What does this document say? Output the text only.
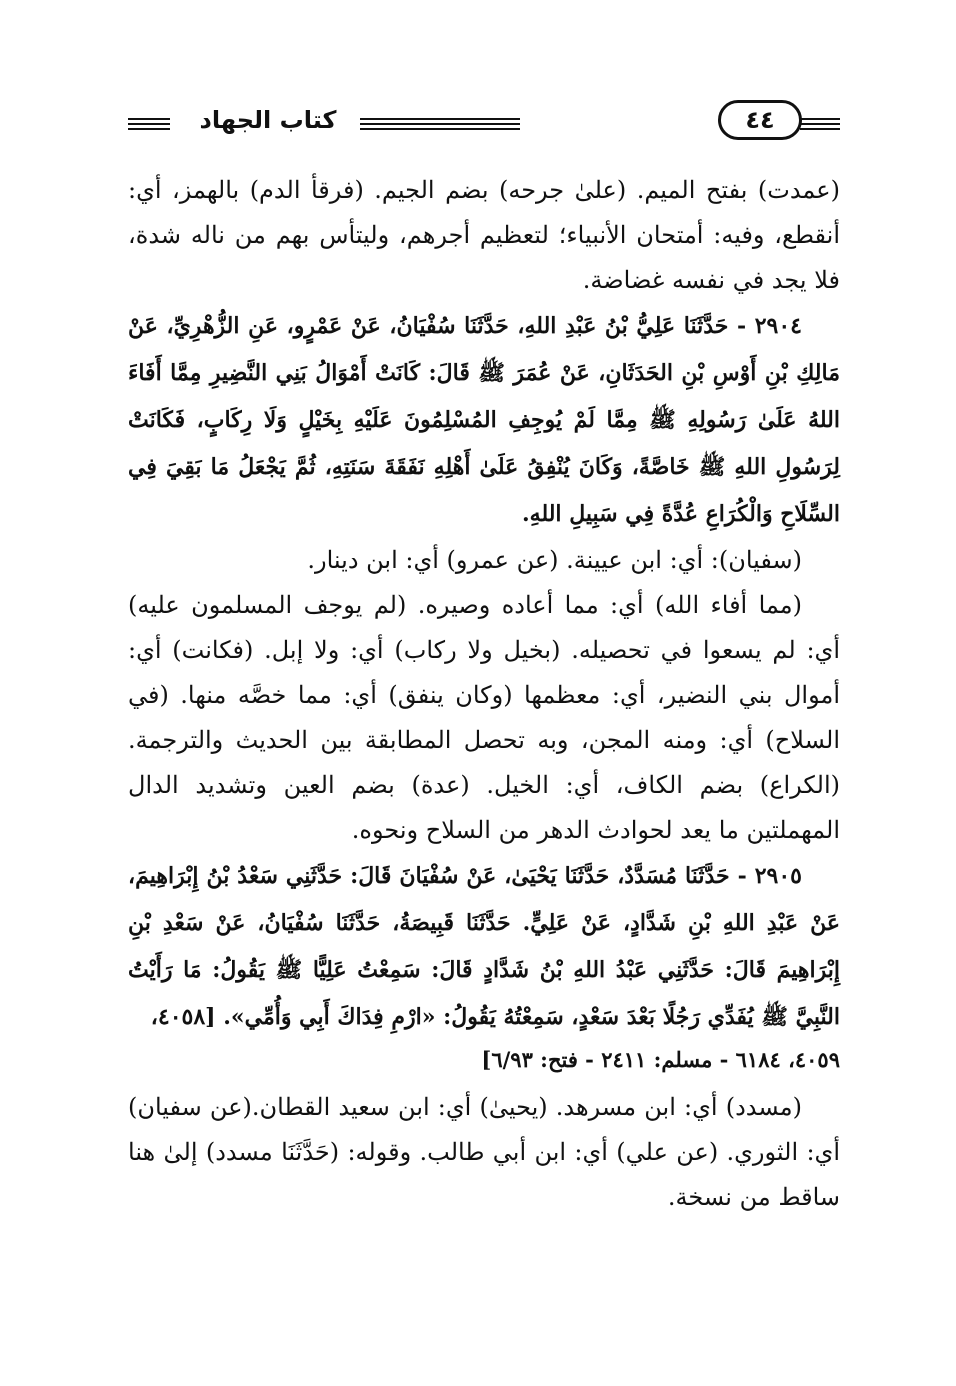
كتاب الجهاد	٤٤

(عمدت) بفتح الميم. (علىٰ جرحه) بضم الجيم. (فرقأ الدم) بالهمز، أي: أنقطع، وفيه: أمتحان الأنبياء؛ لتعظيم أجرهم، وليتأس بهم من ناله شدة، فلا يجد في نفسه غضاضة.

٢٩٠٤ - حَدَّثَنَا عَلِيُّ بْنُ عَبْدِ اللهِ، حَدَّثَنَا سُفْيَانُ، عَنْ عَمْرٍو، عَنِ الزُّهْرِيِّ، عَنْ مَالِكِ بْنِ أَوْسِ بْنِ الحَدَثَانِ، عَنْ عُمَرَ ﷺ قَالَ: كَانَتْ أَمْوَالُ بَنِي النَّضِيرِ مِمَّا أَفَاءَ اللهُ عَلَىٰ رَسُولِهِ ﷺ مِمَّا لَمْ يُوجِفِ المُسْلِمُونَ عَلَيْهِ بِخَيْلٍ وَلَا رِكَابٍ، فَكَانَتْ لِرَسُولِ اللهِ ﷺ خَاصَّةً، وَكَانَ يُنْفِقُ عَلَىٰ أَهْلِهِ نَفَقَةَ سَنَتِهِ، ثُمَّ يَجْعَلُ مَا بَقِيَ فِي السِّلَاحِ وَالْكُرَاعِ عُدَّةً فِي سَبِيلِ اللهِ.

(سفيان): أي: ابن عيينة. (عن عمرو) أي: ابن دينار.

(مما أفاء الله) أي: مما أعاده وصيره. (لم يوجف المسلمون عليه) أي: لم يسعوا في تحصيله. (بخيل ولا ركاب) أي: ولا إبل. (فكانت) أي: أموال بني النضير، أي: معظمها (وكان ينفق) أي: مما خصَّه منها. (في السلاح) أي: ومنه المجن، وبه تحصل المطابقة بين الحديث والترجمة. (الكراع) بضم الكاف، أي: الخيل. (عدة) بضم العين وتشديد الدال المهملتين ما يعد لحوادث الدهر من السلاح ونحوه.

٢٩٠٥ - حَدَّثَنَا مُسَدَّدٌ، حَدَّثَنَا يَحْيَىٰ، عَنْ سُفْيَانَ قَالَ: حَدَّثَنِي سَعْدُ بْنُ إِبْرَاهِيمَ، عَنْ عَبْدِ اللهِ بْنِ شَدَّادٍ، عَنْ عَلِيٍّ. حَدَّثَنَا قَبِيصَةُ، حَدَّثَنَا سُفْيَانُ، عَنْ سَعْدِ بْنِ إِبْرَاهِيمَ قَالَ: حَدَّثَنِي عَبْدُ اللهِ بْنُ شَدَّادٍ قَالَ: سَمِعْتُ عَلِيًّا ﷺ يَقُولُ: مَا رَأَيْتُ النَّبِيَّ ﷺ يُفَدِّي رَجُلًا بَعْدَ سَعْدٍ، سَمِعْتُهُ يَقُولُ: «ارْمِ فِدَاكَ أَبِي وَأُمِّي». [٤٠٥٨،

٤٠٥٩، ٦١٨٤ - مسلم: ٢٤١١ - فتح: ٦/٩٣]

(مسدد) أي: ابن مسرهد. (يحيىٰ) أي: ابن سعيد القطان.(عن سفيان) أي: الثوري. (عن علي) أي: ابن أبي طالب. وقوله: (حَدَّثَنَا مسدد) إلىٰ هنا ساقط من نسخة.
